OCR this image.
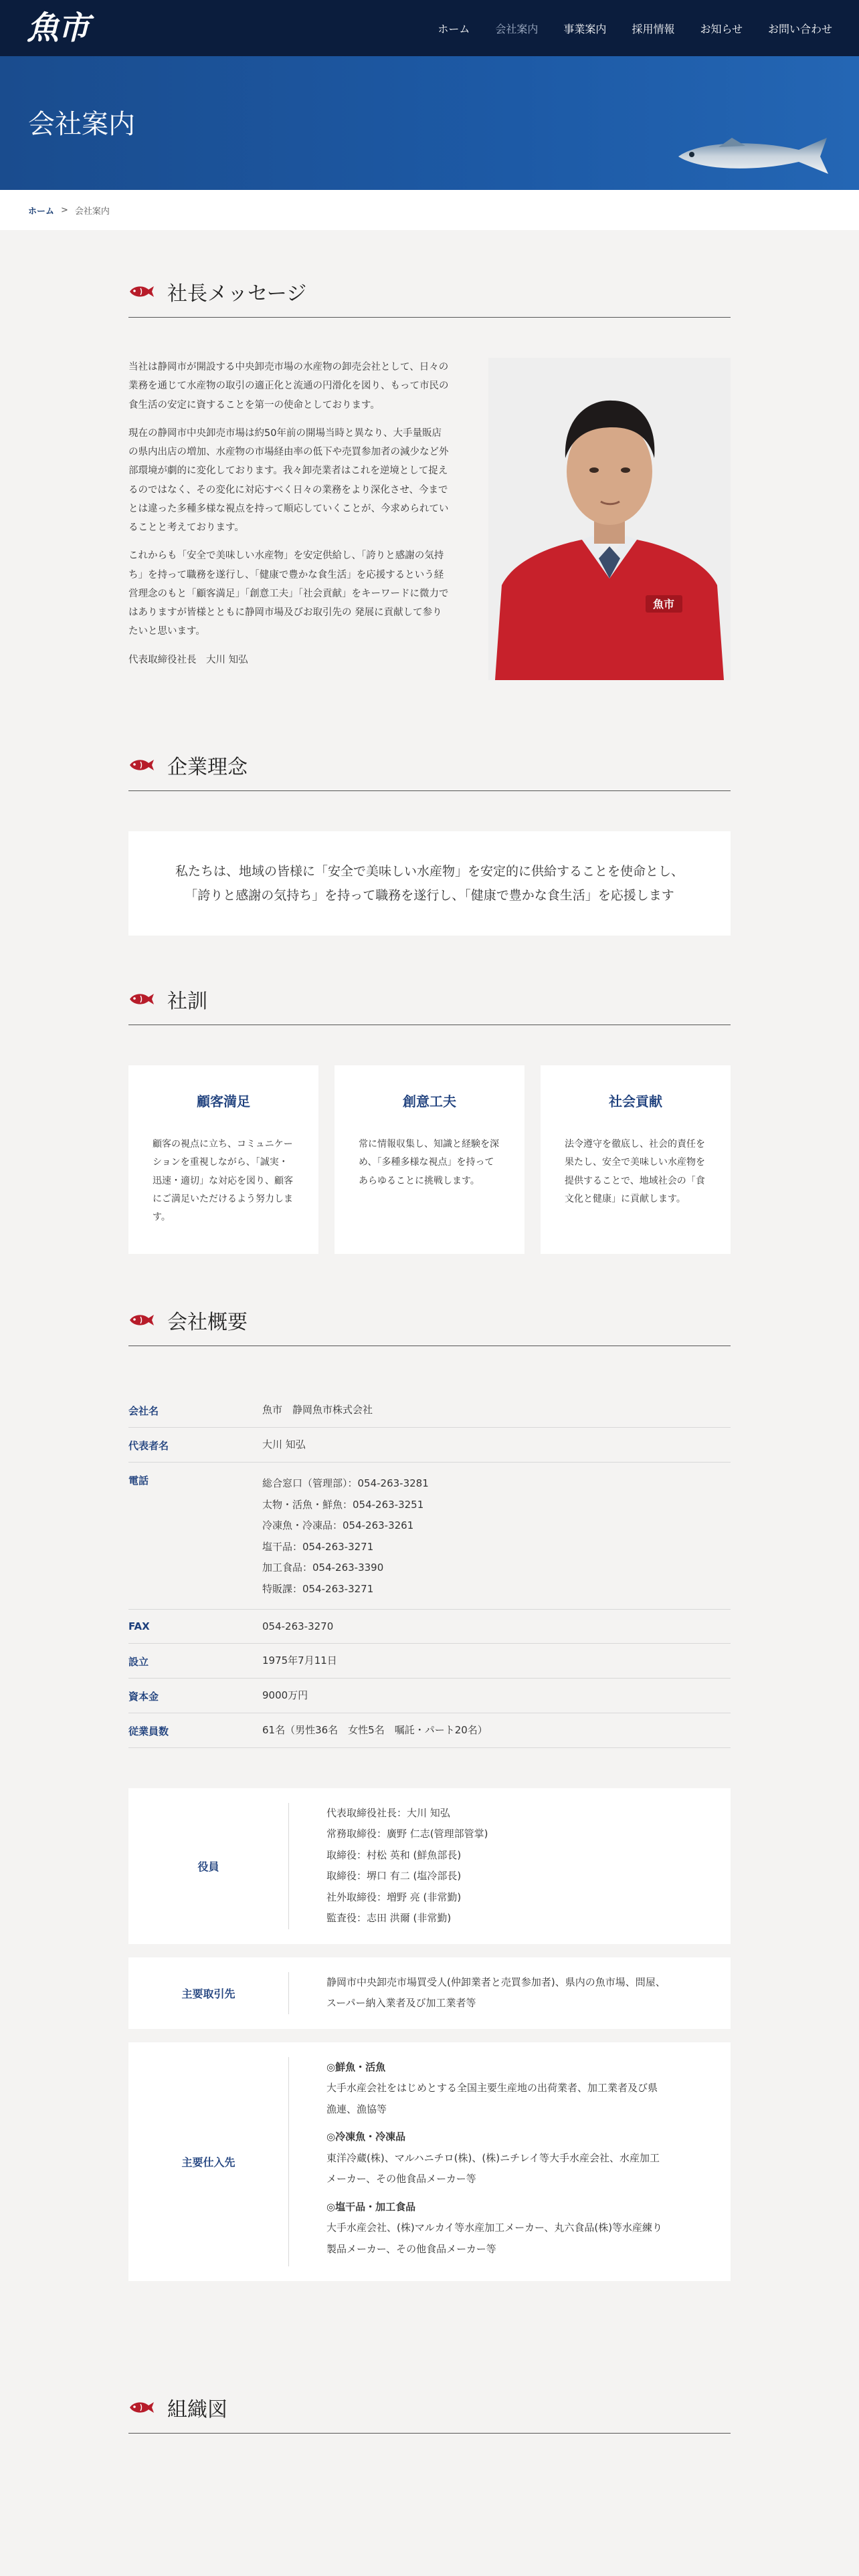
魚市	ホーム 会社案内 事業案内 採用情報 お知らせ お問い合わせ
会社案内
ホーム > 会社案内
社長メッセージ

当社は静岡市が開設する中央卸売市場の水産物の卸売会社として、日々の業務を通じて水産物の取引の適正化と流通の円滑化を図り、もって市民の食生活の安定に資することを第一の使命としております。

現在の静岡市中央卸売市場は約50年前の開場当時と異なり、大手量販店の県内出店の増加、水産物の市場経由率の低下や売買参加者の減少など外部環境が劇的に変化しております。我々卸売業者はこれを逆境として捉えるのではなく、その変化に対応すべく日々の業務をより深化させ、今までとは違った多種多様な視点を持って順応していくことが、今求められていることと考えております。

これからも「安全で美味しい水産物」を安定供給し、「誇りと感謝の気持ち」を持って職務を遂行し、「健康で豊かな食生活」を応援するという経営理念のもと「顧客満足」「創意工夫」「社会貢献」をキーワードに微力ではありますが皆様とともに静岡市場及びお取引先の 発展に貢献して参りたいと思います。

代表取締役社長　大川 知弘

魚市
企業理念
私たちは、地域の皆様に「安全で美味しい水産物」を安定的に供給することを使命とし、
「誇りと感謝の気持ち」を持って職務を遂行し、「健康で豊かな食生活」を応援します
社訓
顧客満足

顧客の視点に立ち、コミュニケーションを重視しながら、「誠実・迅速・適切」な対応を図り、顧客にご満足いただけるよう努力します。

創意工夫

常に情報収集し、知識と経験を深め、「多種多様な視点」を持ってあらゆることに挑戦します。

社会貢献

法令遵守を徹底し、社会的責任を果たし、安全で美味しい水産物を提供することで、地域社会の「食文化と健康」に貢献します。

会社概要
会社名	魚市　静岡魚市株式会社
代表者名	大川 知弘
電話	総合窓口（管理部）：054-263-3281
太物・活魚・鮮魚：054-263-3251
冷凍魚・冷凍品：054-263-3261
塩干品：054-263-3271
加工食品：054-263-3390
特販課：054-263-3271
FAX	054-263-3270
設立	1975年7月11日
資本金	9000万円
従業員数	61名（男性36名　女性5名　嘱託・パート20名）
役員
代表取締役社長：大川 知弘
常務取締役：廣野 仁志(管理部管掌)
取締役：村松 英和 (鮮魚部長)
取締役：堺口 有二 (塩冷部長)
社外取締役：増野 亮 (非常勤)
監査役：志田 洪爾 (非常勤)
主要取引先
静岡市中央卸売市場買受人(仲卸業者と売買参加者)、県内の魚市場、問屋、
スーパー納入業者及び加工業者等
主要仕入先
◎鮮魚・活魚
大手水産会社をはじめとする全国主要生産地の出荷業者、加工業者及び県
漁連、漁協等
◎冷凍魚・冷凍品
東洋冷蔵(株)、マルハニチロ(株)、(株)ニチレイ等大手水産会社、水産加工
メーカー、その他食品メーカー等
◎塩干品・加工食品
大手水産会社、(株)マルカイ等水産加工メーカー、丸六食品(株)等水産練り
製品メーカー、その他食品メーカー等
組織図
